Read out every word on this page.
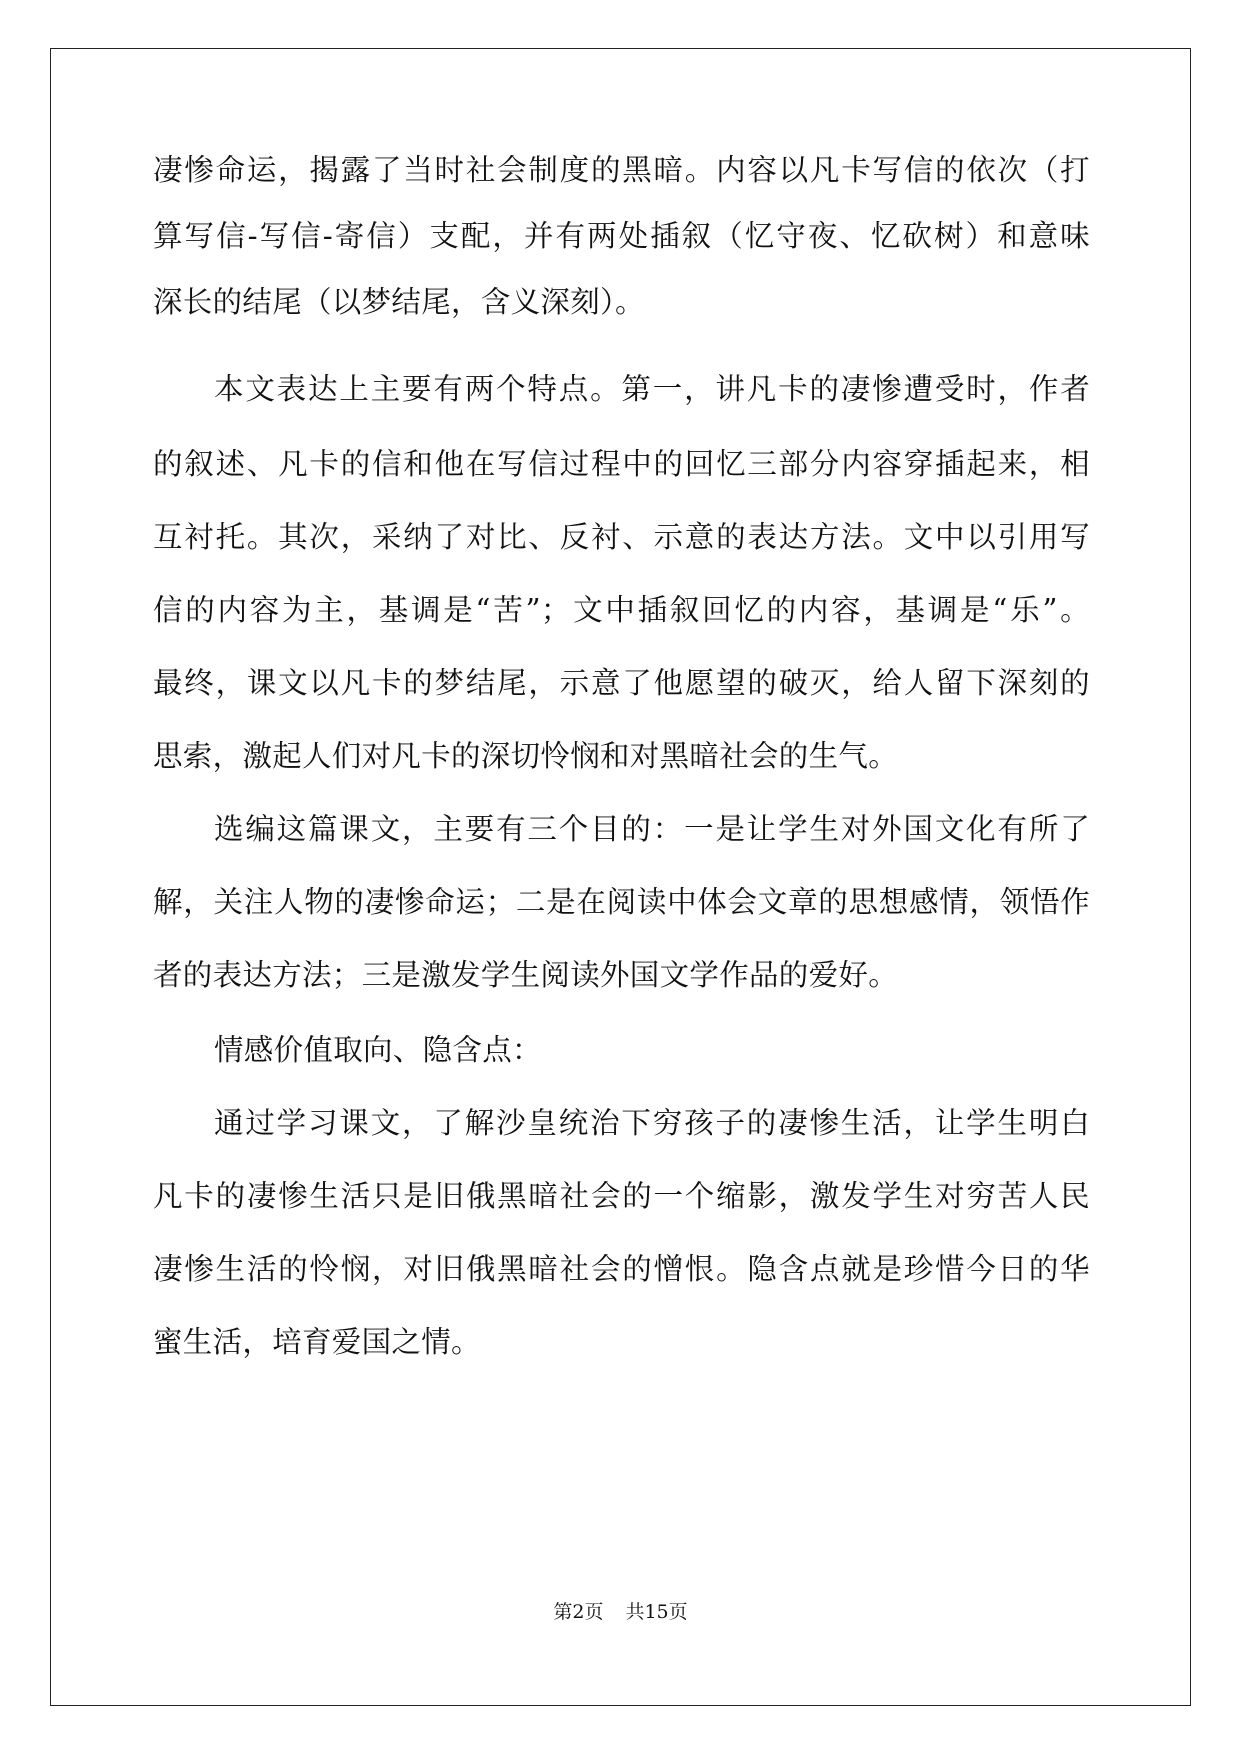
凄惨命运，揭露了当时社会制度的黑暗。内容以凡卡写信的依次（打
算写信-写信-寄信）支配，并有两处插叙（忆守夜、忆砍树）和意味
深长的结尾（以梦结尾，含义深刻）。
本文表达上主要有两个特点。第一，讲凡卡的凄惨遭受时，作者
的叙述、凡卡的信和他在写信过程中的回忆三部分内容穿插起来，相
互衬托。其次，采纳了对比、反衬、示意的表达方法。文中以引用写
信的内容为主，基调是“苦”；文中插叙回忆的内容，基调是“乐”。
最终，课文以凡卡的梦结尾，示意了他愿望的破灭，给人留下深刻的
思索，激起人们对凡卡的深切怜悯和对黑暗社会的生气。
选编这篇课文，主要有三个目的：一是让学生对外国文化有所了
解，关注人物的凄惨命运；二是在阅读中体会文章的思想感情，领悟作
者的表达方法；三是激发学生阅读外国文学作品的爱好。
情感价值取向、隐含点：
通过学习课文，了解沙皇统治下穷孩子的凄惨生活，让学生明白
凡卡的凄惨生活只是旧俄黑暗社会的一个缩影，激发学生对穷苦人民
凄惨生活的怜悯，对旧俄黑暗社会的憎恨。隐含点就是珍惜今日的华
蜜生活，培育爱国之情。
第2页 共15页
